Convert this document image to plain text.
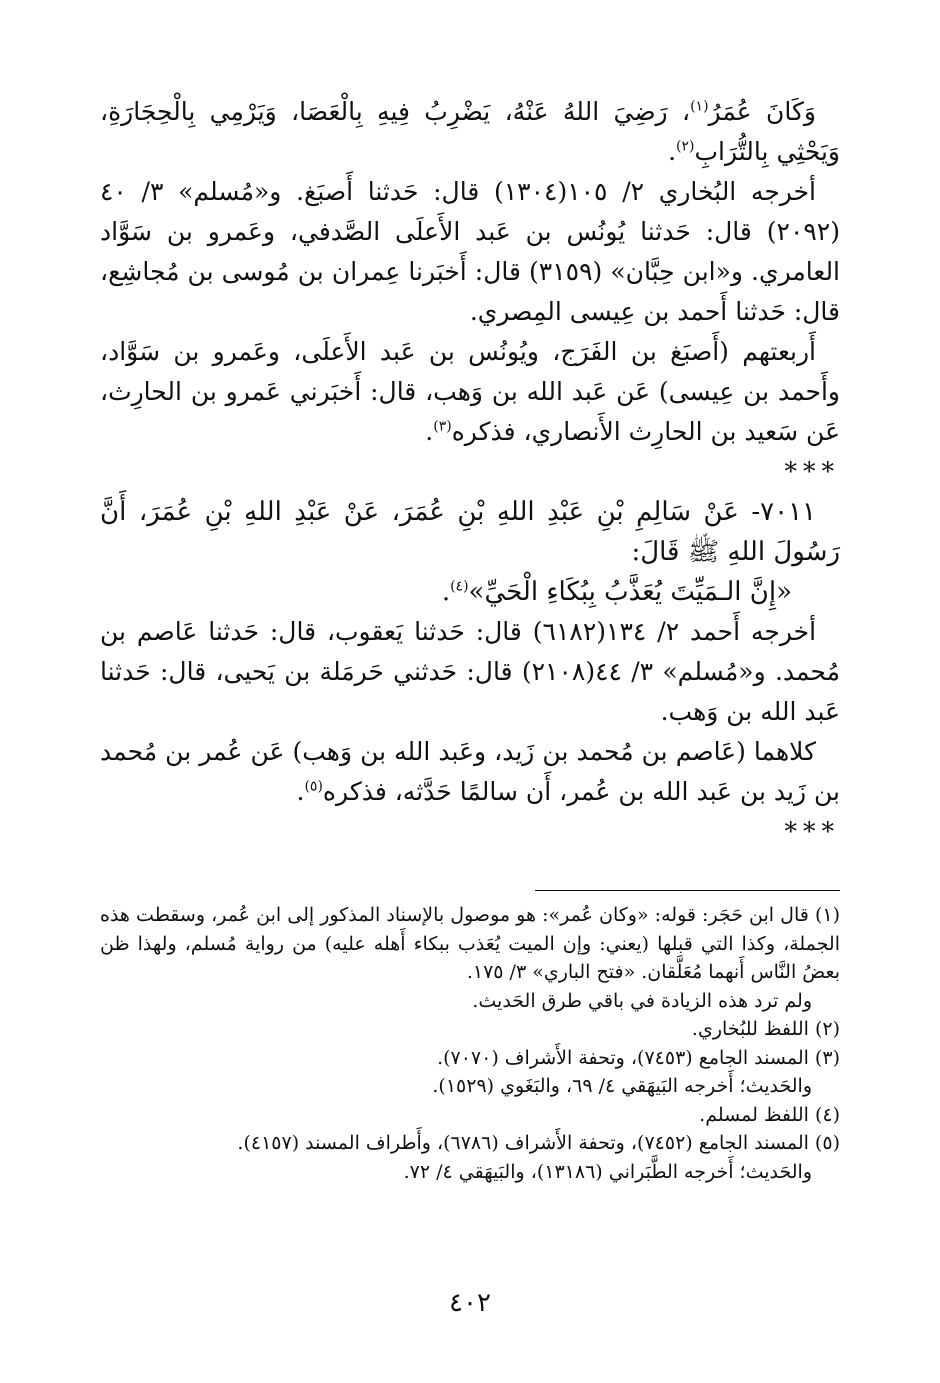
وَكَانَ عُمَرُ$^{(١)}$، رَضِيَ اللهُ عَنْهُ، يَضْرِبُ فِيهِ بِالْعَصَا، وَيَرْمِي بِالْحِجَارَةِ، وَيَحْثِي بِالتُّرَابِ$^{(٢)}$.

أخرجه البُخاري ٢/ ١٠٥(١٣٠٤) قال: حَدثنا أَصبَغ. و«مُسلم» ٣/ ٤٠ (٢٠٩٢) قال: حَدثنا يُونُس بن عَبد الأَعلَى الصَّدفي، وعَمرو بن سَوَّاد العامري. و«ابن حِبَّان» (٣١٥٩) قال: أَخبَرنا عِمران بن مُوسى بن مُجاشِع، قال: حَدثنا أَحمد بن عِيسى المِصري.

أَربعتهم (أَصبَغ بن الفَرَج، ويُونُس بن عَبد الأَعلَى، وعَمرو بن سَوَّاد، وأَحمد بن عِيسى) عَن عَبد الله بن وَهب، قال: أَخبَرني عَمرو بن الحارِث، عَن سَعيد بن الحارِث الأَنصاري، فذكره$^{(٣)}$.

***

٧٠١١- عَنْ سَالِمِ بْنِ عَبْدِ اللهِ بْنِ عُمَرَ، عَنْ عَبْدِ اللهِ بْنِ عُمَرَ، أَنَّ رَسُولَ اللهِ ﷺ قَالَ:

«إِنَّ الـمَيِّتَ يُعَذَّبُ بِبُكَاءِ الْحَيِّ»$^{(٤)}$.

أخرجه أَحمد ٢/ ١٣٤(٦١٨٢) قال: حَدثنا يَعقوب، قال: حَدثنا عَاصم بن مُحمد. و«مُسلم» ٣/ ٤٤(٢١٠٨) قال: حَدثني حَرمَلة بن يَحيى، قال: حَدثنا عَبد الله بن وَهب.

كلاهما (عَاصم بن مُحمد بن زَيد، وعَبد الله بن وَهب) عَن عُمر بن مُحمد بن زَيد بن عَبد الله بن عُمر، أَن سالمًا حَدَّثه، فذكره$^{(٥)}$.

***

(١) قال ابن حَجَر: قوله: «وكان عُمر»: هو موصول بالإسناد المذكور إلى ابن عُمر، وسقطت هذه الجملة، وكذا التي قبلها (يعني: وإن الميت يُعَذب ببكاء أَهله عليه) من رواية مُسلم، ولهذا ظن بعضُ النَّاس أَنهما مُعَلَّقان. «فتح الباري» ٣/ ١٧٥.

ولم ترد هذه الزيادة في باقي طرق الحَديث.

(٢) اللفظ للبُخاري.

(٣) المسند الجامع (٧٤٥٣)، وتحفة الأَشراف (٧٠٧٠).

والحَديث؛ أَخرجه البَيهَقي ٤/ ٦٩، والبَغَوي (١٥٢٩).

(٤) اللفظ لمسلم.

(٥) المسند الجامع (٧٤٥٢)، وتحفة الأَشراف (٦٧٨٦)، وأَطراف المسند (٤١٥٧).

والحَديث؛ أَخرجه الطَّبَراني (١٣١٨٦)، والبَيهَقي ٤/ ٧٢.

٤٠٢
